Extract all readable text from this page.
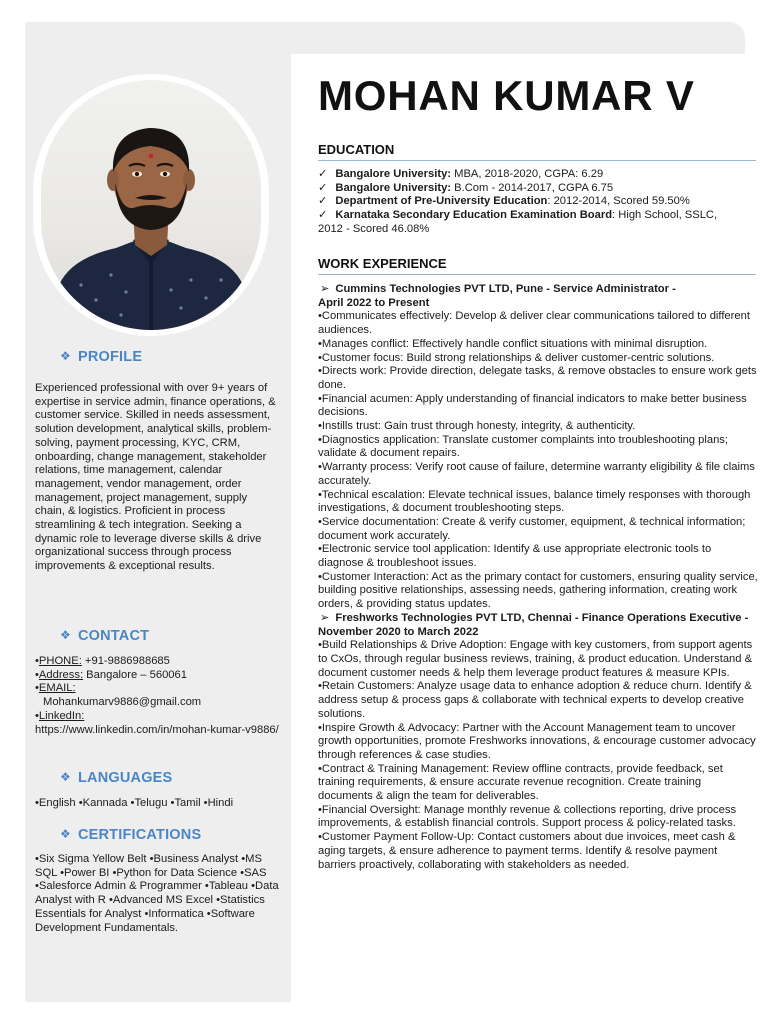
❖ PROFILE

Experienced professional with over 9+ years of expertise in service admin, finance operations, & customer service. Skilled in needs assessment, solution development, analytical skills, problem-solving, payment processing, KYC, CRM, onboarding, change management, stakeholder relations, time management, calendar management, vendor management, order management, project management, supply chain, & logistics. Proficient in process streamlining & tech integration. Seeking a dynamic role to leverage diverse skills & drive organizational success through process improvements & exceptional results.

❖ CONTACT

•PHONE: +91-9886988685

•Address: Bangalore – 560061

•EMAIL:

Mohankumarv9886@gmail.com

•LinkedIn:

https://www.linkedin.com/in/mohan-kumar-v9886/

❖ LANGUAGES

•English •Kannada •Telugu •Tamil •Hindi

❖ CERTIFICATIONS

•Six Sigma Yellow Belt •Business Analyst •MS SQL •Power BI •Python for Data Science •SAS •Salesforce Admin & Programmer •Tableau •Data Analyst with R •Advanced MS Excel •Statistics Essentials for Analyst •Informatica •Software Development Fundamentals.

MOHAN KUMAR V
EDUCATION

✓ Bangalore University: MBA, 2018-2020, CGPA: 6.29

✓ Bangalore University: B.Com - 2014-2017, CGPA 6.75

✓ Department of Pre-University Education: 2012-2014, Scored 59.50%

✓ Karnataka Secondary Education Examination Board: High School, SSLC,

2012 - Scored 46.08%

WORK EXPERIENCE

➢ Cummins Technologies PVT LTD, Pune - Service Administrator -

April 2022 to Present

•Communicates effectively: Develop & deliver clear communications tailored to different audiences.

•Manages conflict: Effectively handle conflict situations with minimal disruption.

•Customer focus: Build strong relationships & deliver customer-centric solutions.

•Directs work: Provide direction, delegate tasks, & remove obstacles to ensure work gets done.

•Financial acumen: Apply understanding of financial indicators to make better business decisions.

•Instills trust: Gain trust through honesty, integrity, & authenticity.

•Diagnostics application: Translate customer complaints into troubleshooting plans; validate & document repairs.

•Warranty process: Verify root cause of failure, determine warranty eligibility & file claims accurately.

•Technical escalation: Elevate technical issues, balance timely responses with thorough investigations, & document troubleshooting steps.

•Service documentation: Create & verify customer, equipment, & technical information; document work accurately.

•Electronic service tool application: Identify & use appropriate electronic tools to diagnose & troubleshoot issues.

•Customer Interaction: Act as the primary contact for customers, ensuring quality service, building positive relationships, assessing needs, gathering information, creating work orders, & providing status updates.

➢ Freshworks Technologies PVT LTD, Chennai - Finance Operations Executive -

November 2020 to March 2022

•Build Relationships & Drive Adoption: Engage with key customers, from support agents to CxOs, through regular business reviews, training, & product education. Understand & document customer needs & help them leverage product features & measure KPIs.

•Retain Customers: Analyze usage data to enhance adoption & reduce churn. Identify & address setup & process gaps & collaborate with technical experts to develop creative solutions.

•Inspire Growth & Advocacy: Partner with the Account Management team to uncover growth opportunities, promote Freshworks innovations, & encourage customer advocacy through references & case studies.

•Contract & Training Management: Review offline contracts, provide feedback, set training requirements, & ensure accurate revenue recognition. Create training documents & align the team for deliverables.

•Financial Oversight: Manage monthly revenue & collections reporting, drive process improvements, & establish financial controls. Support process & policy-related tasks.

•Customer Payment Follow-Up: Contact customers about due invoices, meet cash & aging targets, & ensure adherence to payment terms. Identify & resolve payment barriers proactively, collaborating with stakeholders as needed.
